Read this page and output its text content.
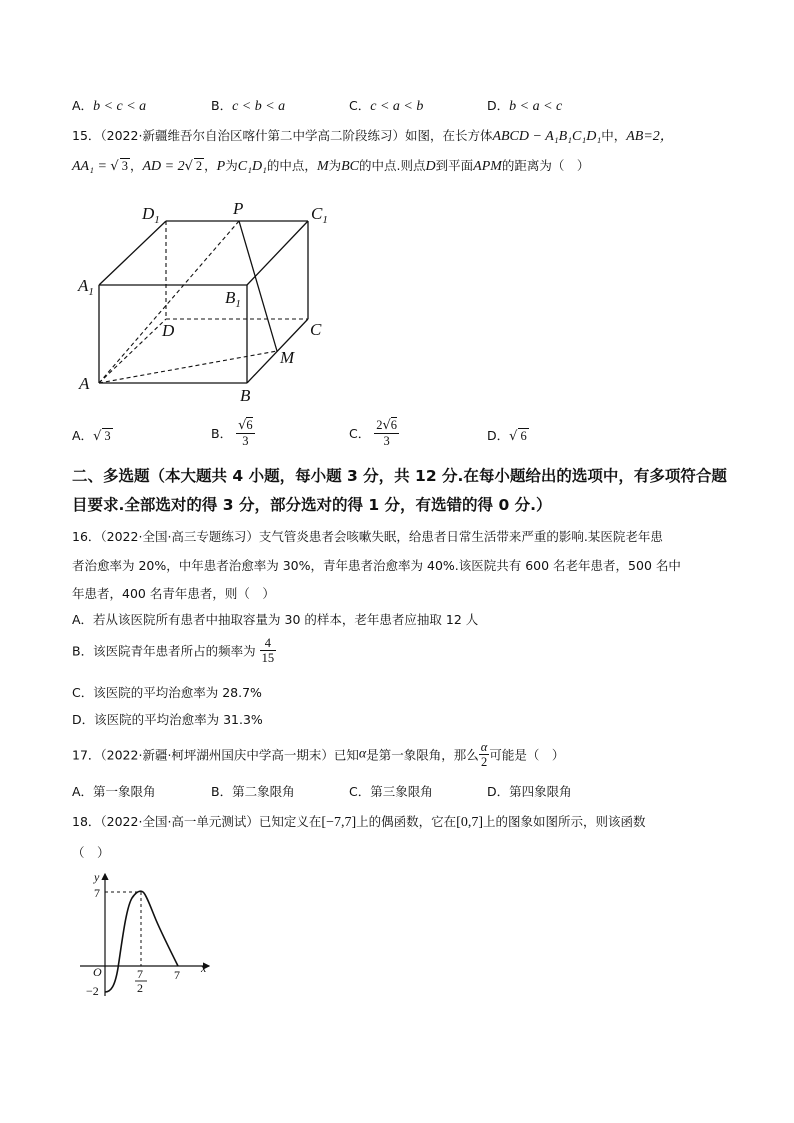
A．b < c < a	B．c < b < a	C．c < a < b	D．b < a < c
15．（2022·新疆维吾尔自治区喀什第二中学高二阶段练习）如图，在长方体ABCD − A₁B₁C₁D₁中，AB=2，
AA₁ = √ 3 ，AD = 2√ 2 ，P为C₁D₁的中点，M为BC的中点.则点D到平面APM的距离为（　）
$D_1$
P	$C_1$
$A_1$	$B_1$
D	C
M
A
B
A．√ 3	B． $\frac{√6}{3}$	C． $\frac{2√6}{3}$	D．√ 6
二、多选题（本大题共 4 小题，每小题 3 分，共 12 分.在每小题给出的选项中，有多项符合题
目要求.全部选对的得 3 分，部分选对的得 1 分，有选错的得 0 分.）
16．（2022·全国·高三专题练习）支气管炎患者会咳嗽失眠，给患者日常生活带来严重的影响.某医院老年患
者治愈率为 20%，中年患者治愈率为 30%，青年患者治愈率为 40%.该医院共有 600 名老年患者，500 名中
年患者，400 名青年患者，则（　）
A．若从该医院所有患者中抽取容量为 30 的样本，老年患者应抽取 12 人
B．该医院青年患者所占的频率为 $\frac{4}{15}$
C．该医院的平均治愈率为 28.7%
D．该医院的平均治愈率为 31.3%
17．（2022·新疆·柯坪湖州国庆中学高一期末）已知α是第一象限角，那么 $\frac{\alpha}{2}$ 可能是（　）
A．第一象限角	B．第二象限角	C．第三象限角	D．第四象限角
18．（2022·全国·高一单元测试）已知定义在[−7,7]上的偶函数，它在[0,7]上的图象如图所示，则该函数
（　）
y
x
O
7
−2
7
2
7
